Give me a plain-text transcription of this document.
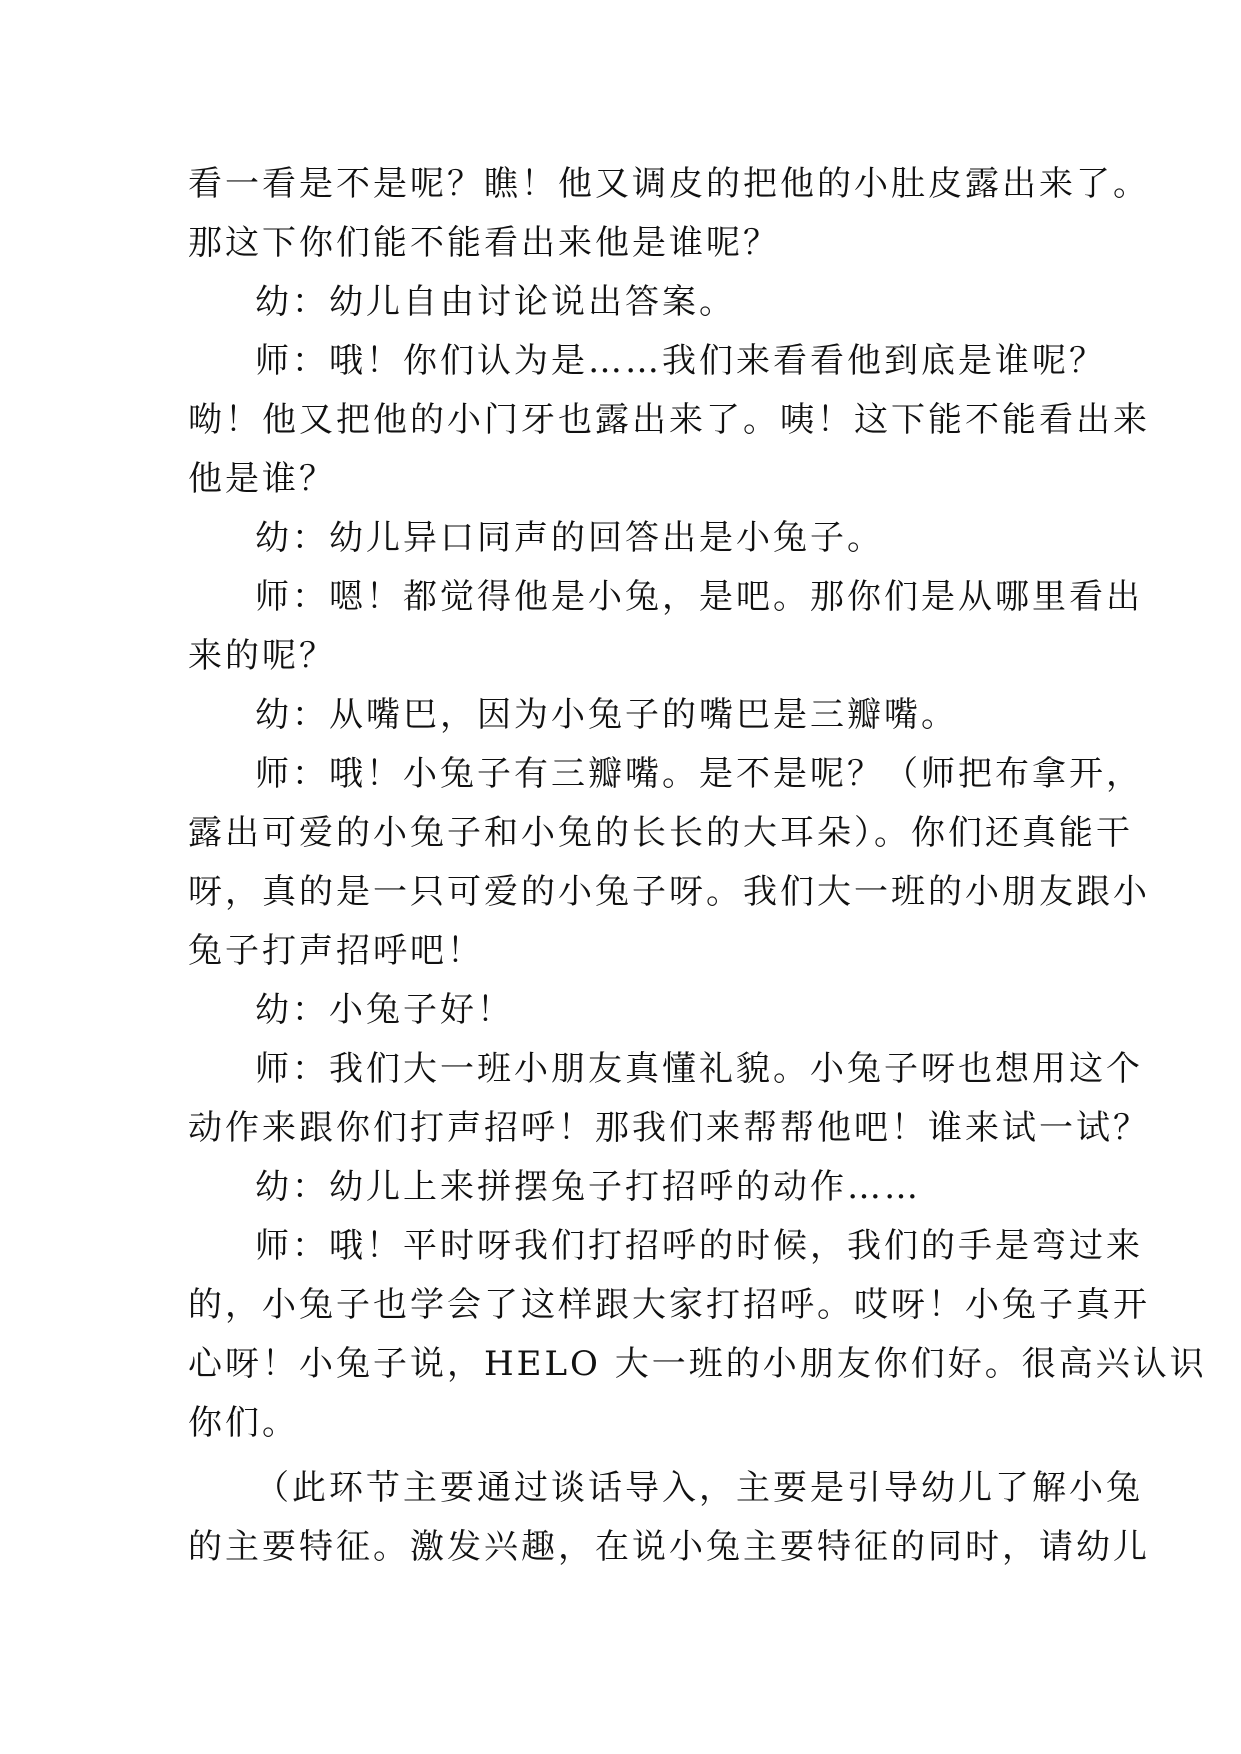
看一看是不是呢？瞧！他又调皮的把他的小肚皮露出来了。
那这下你们能不能看出来他是谁呢？
幼：幼儿自由讨论说出答案。
师：哦！你们认为是……我们来看看他到底是谁呢？
呦！他又把他的小门牙也露出来了。咦！这下能不能看出来
他是谁？
幼：幼儿异口同声的回答出是小兔子。
师：嗯！都觉得他是小兔，是吧。那你们是从哪里看出
来的呢？
幼：从嘴巴，因为小兔子的嘴巴是三瓣嘴。
师：哦！小兔子有三瓣嘴。是不是呢？（师把布拿开，
露出可爱的小兔子和小兔的长长的大耳朵）。你们还真能干
呀，真的是一只可爱的小兔子呀。我们大一班的小朋友跟小
兔子打声招呼吧！
幼：小兔子好！
师：我们大一班小朋友真懂礼貌。小兔子呀也想用这个
动作来跟你们打声招呼！那我们来帮帮他吧！谁来试一试？
幼：幼儿上来拼摆兔子打招呼的动作……
师：哦！平时呀我们打招呼的时候，我们的手是弯过来
的，小兔子也学会了这样跟大家打招呼。哎呀！小兔子真开
心呀！小兔子说，HELO 大一班的小朋友你们好。很高兴认识
你们。
（此环节主要通过谈话导入，主要是引导幼儿了解小兔
的主要特征。激发兴趣，在说小兔主要特征的同时，请幼儿
